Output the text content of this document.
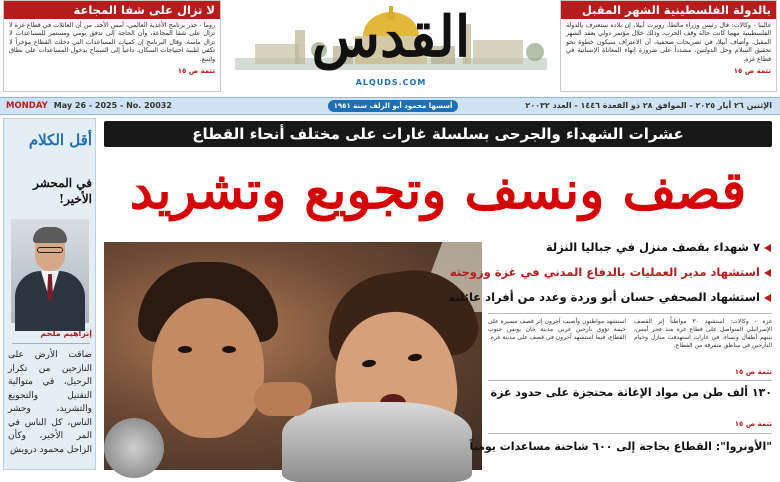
لا تزال على شفا المجاعة
روما - حذر برنامج الأغذية العالمي، أمس الأحد، من أن العائلات في قطاع غزة لا تزال على شفا المجاعة، وأن الحاجة إلى تدفق يومي ومستمر للمساعدات لا تزال ماسة. وقال البرنامج إن كميات المساعدات التي دخلت القطاع مؤخراً لا تكفي لتلبية احتياجات السكان، داعياً إلى السماح بدخول المساعدات على نطاق واسع.
تتمة ص ١٥
بالدولة الفلسطينية الشهر المقبل
غالينا - وكالات: قال رئيس وزراء مالطا، روبرت أبيلا، إن بلاده ستعترف بالدولة الفلسطينية مهما كانت حالة وقف الحرب، وذلك خلال مؤتمر دولي يعقد الشهر المقبل. وأضاف أبيلا، في تصريحات صحفية، أن الاعتراف سيكون خطوة نحو تحقيق السلام وحل الدولتين، مشدداً على ضرورة إنهاء المعاناة الإنسانية في قطاع غزة.
تتمة ص ١٥
القدس
ALQUDS.COM
MONDAY May 26 - 2025 - No. 20032	أسسها محمود أبو الزلف سنة ١٩٥١	الإثنين ٢٦ أيار ٢٠٢٥ - الموافق ٢٨ ذو القعدة ١٤٤٦ - العدد ٢٠٠٣٢
أقل الكلام
في المحشر الأخير!
إبراهيم ملحم
ضاقت الأرض على النازحين من تكرار الرحيل، في متوالية التقتيل والتجويع والتشريد، وحشر الناس، كل الناس في المر الأخير، وكأن الزاحل محمود درويش
عشرات الشهداء والجرحى بسلسلة غارات على مختلف أنحاء القطاع
قصف ونسف وتجويع وتشريد
٧ شهداء بقصف منزل في جباليا النزلة
استشهاد مدير العمليات بالدفاع المدني في غزة وزوجته
استشهاد الصحفي حسان أبو وردة وعدد من أفراد عائلته
غزة - وكالات: استشهد ٣٠ مواطناً إثر القصف الإسرائيلي المتواصل على قطاع غزة منذ فجر أمس، بينهم أطفال ونساء، في غارات استهدفت منازل وخيام النازحين في مناطق متفرقة من القطاع.
استشهد مواطنون وأصيب آخرون إثر قصف مسيرة على خيمة تؤوي نازحين غربي مدينة خان يونس جنوب القطاع، فيما استشهد آخرون في قصف على مدينة غزة.
تتمة ص ١٥
١٣٠ ألف طن من مواد الإغاثة محتجزة على حدود غزة
تتمة ص ١٥
"الأونروا": القطاع بحاجة إلى ٦٠٠ شاحنة مساعدات يومياً
